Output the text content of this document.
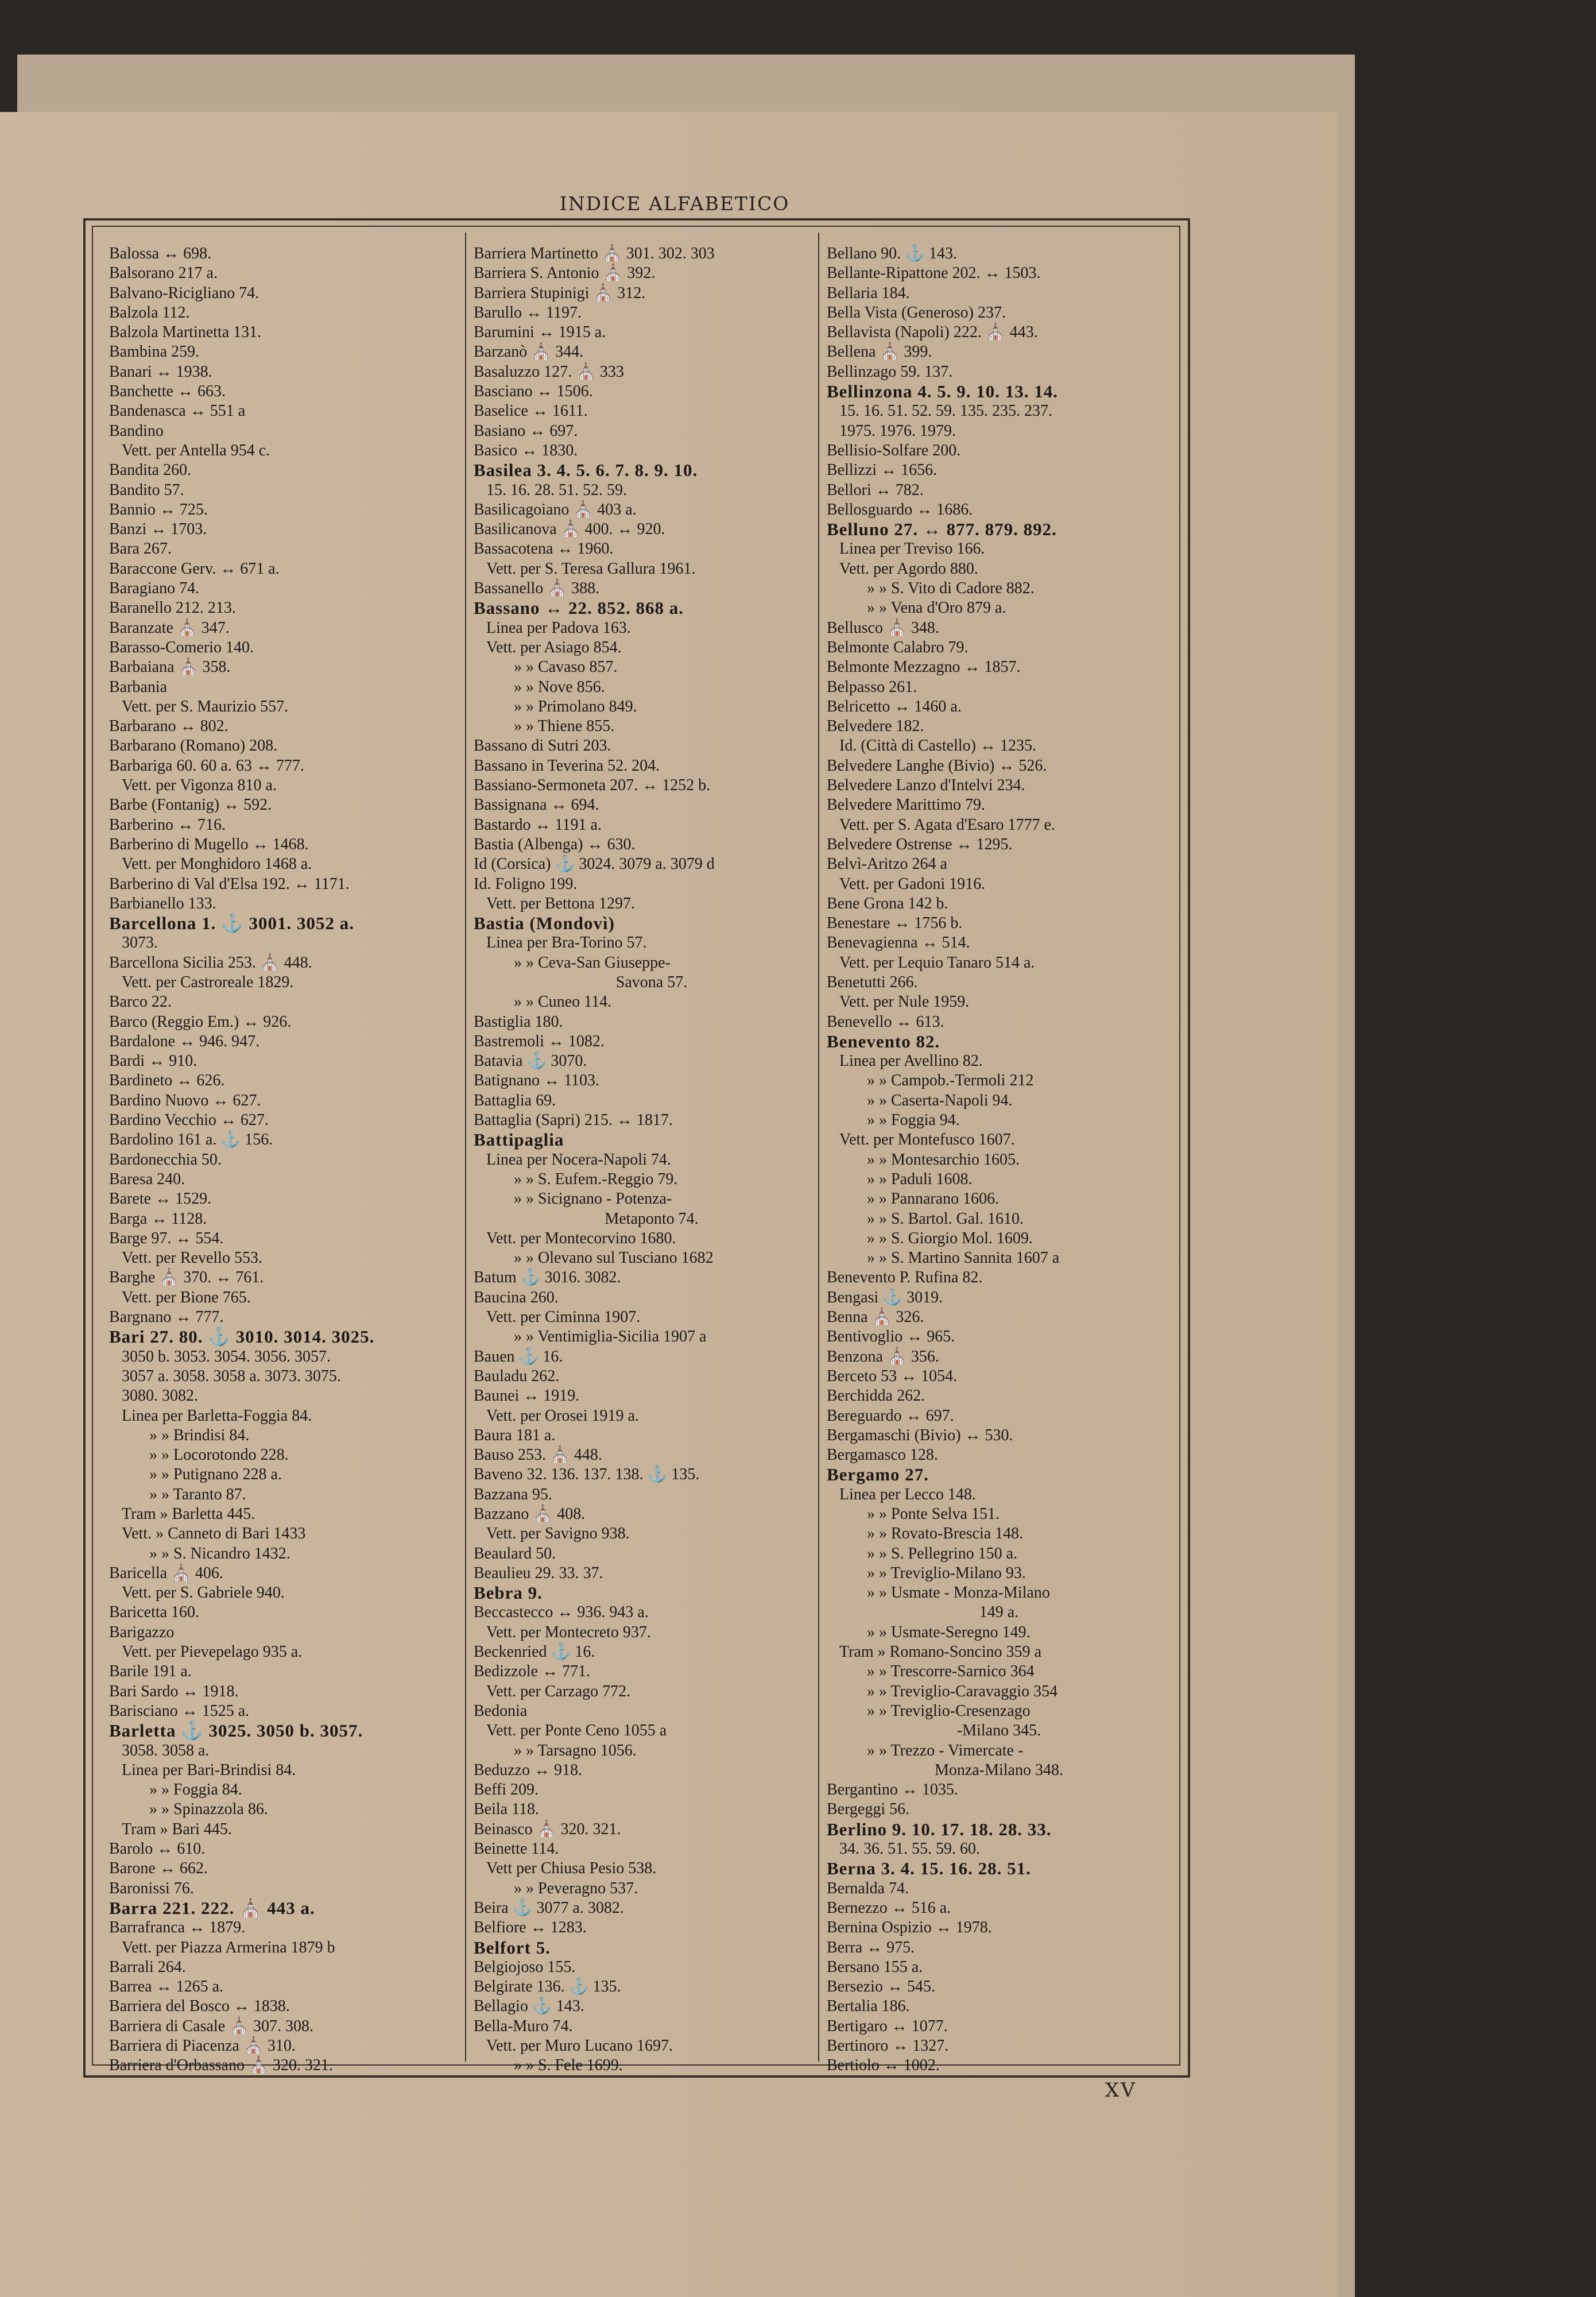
INDICE ALFABETICO
Balossa ↔ 698.
Balsorano 217 a.
Balvano-Ricigliano 74.
Balzola 112.
Balzola Martinetta 131.
Bambina 259.
Banari ↔ 1938.
Banchette ↔ 663.
Bandenasca ↔ 551 a
Bandino
Vett. per Antella 954 c.
Bandita 260.
Bandito 57.
Bannio ↔ 725.
Banzi ↔ 1703.
Bara 267.
Baraccone Gerv. ↔ 671 a.
Baragiano 74.
Baranello 212. 213.
Baranzate ⛪ 347.
Barasso-Comerio 140.
Barbaiana ⛪ 358.
Barbania
Vett. per S. Maurizio 557.
Barbarano ↔ 802.
Barbarano (Romano) 208.
Barbariga 60. 60 a. 63 ↔ 777.
Vett. per Vigonza 810 a.
Barbe (Fontanig) ↔ 592.
Barberino ↔ 716.
Barberino di Mugello ↔ 1468.
Vett. per Monghidoro 1468 a.
Barberino di Val d'Elsa 192. ↔ 1171.
Barbianello 133.
Barcellona 1. ⚓ 3001. 3052 a.
3073.
Barcellona Sicilia 253. ⛪ 448.
Vett. per Castroreale 1829.
Barco 22.
Barco (Reggio Em.) ↔ 926.
Bardalone ↔ 946. 947.
Bardi ↔ 910.
Bardineto ↔ 626.
Bardino Nuovo ↔ 627.
Bardino Vecchio ↔ 627.
Bardolino 161 a. ⚓ 156.
Bardonecchia 50.
Baresa 240.
Barete ↔ 1529.
Barga ↔ 1128.
Barge 97. ↔ 554.
Vett. per Revello 553.
Barghe ⛪ 370. ↔ 761.
Vett. per Bione 765.
Bargnano ↔ 777.
Bari 27. 80. ⚓ 3010. 3014. 3025.
3050 b. 3053. 3054. 3056. 3057.
3057 a. 3058. 3058 a. 3073. 3075.
3080. 3082.
Linea per Barletta-Foggia 84.
» » Brindisi 84.
» » Locorotondo 228.
» » Putignano 228 a.
» » Taranto 87.
Tram » Barletta 445.
Vett. » Canneto di Bari 1433
» » S. Nicandro 1432.
Baricella ⛪ 406.
Vett. per S. Gabriele 940.
Baricetta 160.
Barigazzo
Vett. per Pievepelago 935 a.
Barile 191 a.
Bari Sardo ↔ 1918.
Barisciano ↔ 1525 a.
Barletta ⚓ 3025. 3050 b. 3057.
3058. 3058 a.
Linea per Bari-Brindisi 84.
» » Foggia 84.
» » Spinazzola 86.
Tram » Bari 445.
Barolo ↔ 610.
Barone ↔ 662.
Baronissi 76.
Barra 221. 222. ⛪ 443 a.
Barrafranca ↔ 1879.
Vett. per Piazza Armerina 1879 b
Barrali 264.
Barrea ↔ 1265 a.
Barriera del Bosco ↔ 1838.
Barriera di Casale ⛪ 307. 308.
Barriera di Piacenza ⛪ 310.
Barriera d'Orbassano ⛪ 320. 321.
Barriera Martinetto ⛪ 301. 302. 303
Barriera S. Antonio ⛪ 392.
Barriera Stupinigi ⛪ 312.
Barullo ↔ 1197.
Barumini ↔ 1915 a.
Barzanò ⛪ 344.
Basaluzzo 127. ⛪ 333
Basciano ↔ 1506.
Baselice ↔ 1611.
Basiano ↔ 697.
Basico ↔ 1830.
Basilea 3. 4. 5. 6. 7. 8. 9. 10.
15. 16. 28. 51. 52. 59.
Basilicagoiano ⛪ 403 a.
Basilicanova ⛪ 400. ↔ 920.
Bassacotena ↔ 1960.
Vett. per S. Teresa Gallura 1961.
Bassanello ⛪ 388.
Bassano ↔ 22. 852. 868 a.
Linea per Padova 163.
Vett. per Asiago 854.
» » Cavaso 857.
» » Nove 856.
» » Primolano 849.
» » Thiene 855.
Bassano di Sutri 203.
Bassano in Teverina 52. 204.
Bassiano-Sermoneta 207. ↔ 1252 b.
Bassignana ↔ 694.
Bastardo ↔ 1191 a.
Bastia (Albenga) ↔ 630.
Id (Corsica) ⚓ 3024. 3079 a. 3079 d
Id. Foligno 199.
Vett. per Bettona 1297.
Bastia (Mondovì)
Linea per Bra-Torino 57.
» » Ceva-San Giuseppe-
Savona 57.
» » Cuneo 114.
Bastiglia 180.
Bastremoli ↔ 1082.
Batavia ⚓ 3070.
Batignano ↔ 1103.
Battaglia 69.
Battaglia (Sapri) 215. ↔ 1817.
Battipaglia
Linea per Nocera-Napoli 74.
» » S. Eufem.-Reggio 79.
» » Sicignano - Potenza-
Metaponto 74.
Vett. per Montecorvino 1680.
» » Olevano sul Tusciano 1682
Batum ⚓ 3016. 3082.
Baucina 260.
Vett. per Ciminna 1907.
» » Ventimiglia-Sicilia 1907 a
Bauen ⚓ 16.
Bauladu 262.
Baunei ↔ 1919.
Vett. per Orosei 1919 a.
Baura 181 a.
Bauso 253. ⛪ 448.
Baveno 32. 136. 137. 138. ⚓ 135.
Bazzana 95.
Bazzano ⛪ 408.
Vett. per Savigno 938.
Beaulard 50.
Beaulieu 29. 33. 37.
Bebra 9.
Beccastecco ↔ 936. 943 a.
Vett. per Montecreto 937.
Beckenried ⚓ 16.
Bedizzole ↔ 771.
Vett. per Carzago 772.
Bedonia
Vett. per Ponte Ceno 1055 a
» » Tarsagno 1056.
Beduzzo ↔ 918.
Beffi 209.
Beila 118.
Beinasco ⛪ 320. 321.
Beinette 114.
Vett per Chiusa Pesio 538.
» » Peveragno 537.
Beira ⚓ 3077 a. 3082.
Belfiore ↔ 1283.
Belfort 5.
Belgiojoso 155.
Belgirate 136. ⚓ 135.
Bellagio ⚓ 143.
Bella-Muro 74.
Vett. per Muro Lucano 1697.
» » S. Fele 1699.
Bellano 90. ⚓ 143.
Bellante-Ripattone 202. ↔ 1503.
Bellaria 184.
Bella Vista (Generoso) 237.
Bellavista (Napoli) 222. ⛪ 443.
Bellena ⛪ 399.
Bellinzago 59. 137.
Bellinzona 4. 5. 9. 10. 13. 14.
15. 16. 51. 52. 59. 135. 235. 237.
1975. 1976. 1979.
Bellisio-Solfare 200.
Bellizzi ↔ 1656.
Bellori ↔ 782.
Bellosguardo ↔ 1686.
Belluno 27. ↔ 877. 879. 892.
Linea per Treviso 166.
Vett. per Agordo 880.
» » S. Vito di Cadore 882.
» » Vena d'Oro 879 a.
Bellusco ⛪ 348.
Belmonte Calabro 79.
Belmonte Mezzagno ↔ 1857.
Belpasso 261.
Belricetto ↔ 1460 a.
Belvedere 182.
Id. (Città di Castello) ↔ 1235.
Belvedere Langhe (Bivio) ↔ 526.
Belvedere Lanzo d'Intelvi 234.
Belvedere Marittimo 79.
Vett. per S. Agata d'Esaro 1777 e.
Belvedere Ostrense ↔ 1295.
Belvì-Aritzo 264 a
Vett. per Gadoni 1916.
Bene Grona 142 b.
Benestare ↔ 1756 b.
Benevagienna ↔ 514.
Vett. per Lequio Tanaro 514 a.
Benetutti 266.
Vett. per Nule 1959.
Benevello ↔ 613.
Benevento 82.
Linea per Avellino 82.
» » Campob.-Termoli 212
» » Caserta-Napoli 94.
» » Foggia 94.
Vett. per Montefusco 1607.
» » Montesarchio 1605.
» » Paduli 1608.
» » Pannarano 1606.
» » S. Bartol. Gal. 1610.
» » S. Giorgio Mol. 1609.
» » S. Martino Sannita 1607 a
Benevento P. Rufina 82.
Bengasi ⚓ 3019.
Benna ⛪ 326.
Bentivoglio ↔ 965.
Benzona ⛪ 356.
Berceto 53 ↔ 1054.
Berchidda 262.
Bereguardo ↔ 697.
Bergamaschi (Bivio) ↔ 530.
Bergamasco 128.
Bergamo 27.
Linea per Lecco 148.
» » Ponte Selva 151.
» » Rovato-Brescia 148.
» » S. Pellegrino 150 a.
» » Treviglio-Milano 93.
» » Usmate - Monza-Milano
149 a.
» » Usmate-Seregno 149.
Tram » Romano-Soncino 359 a
» » Trescorre-Sarnico 364
» » Treviglio-Caravaggio 354
» » Treviglio-Cresenzago
-Milano 345.
» » Trezzo - Vimercate -
Monza-Milano 348.
Bergantino ↔ 1035.
Bergeggi 56.
Berlino 9. 10. 17. 18. 28. 33.
34. 36. 51. 55. 59. 60.
Berna 3. 4. 15. 16. 28. 51.
Bernalda 74.
Bernezzo ↔ 516 a.
Bernina Ospizio ↔ 1978.
Berra ↔ 975.
Bersano 155 a.
Bersezio ↔ 545.
Bertalia 186.
Bertigaro ↔ 1077.
Bertinoro ↔ 1327.
Bertiolo ↔ 1002.
XV
